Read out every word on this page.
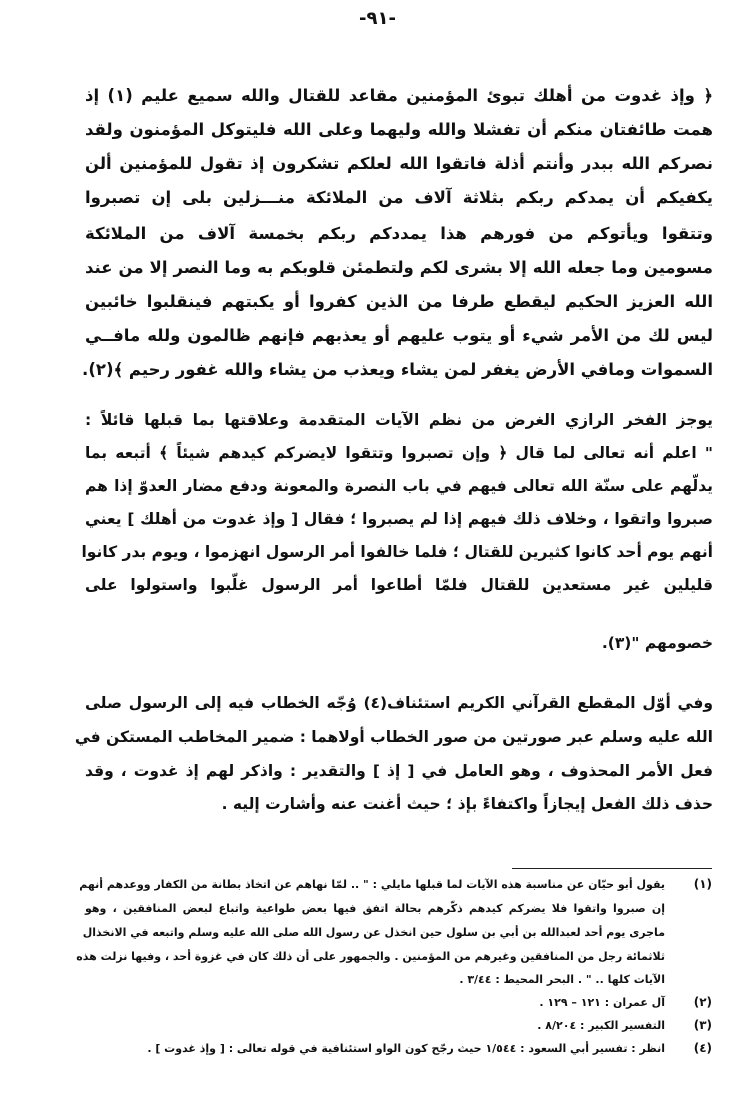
-٩١-
﴿ وإذ غدوت من أهلك تبوئ المؤمنين مقاعد للقتال والله سميع عليم (١) إذ
همت طائفتان منكم أن تفشلا والله وليهما وعلى الله فليتوكل المؤمنون ولقد
نصركم الله ببدر وأنتم أذلة فاتقوا الله لعلكم تشكرون إذ تقول للمؤمنين ألن
يكفيكم أن يمدكم ربكم بثلاثة آلاف من الملائكة منـــزلين بلى إن تصبروا
وتتقوا ويأتوكم من فورهم هذا يمددكم ربكم بخمسة آلاف من الملائكة
مسومين وما جعله الله إلا بشرى لكم ولتطمئن قلوبكم به وما النصر إلا من عند
الله العزيز الحكيم ليقطع طرفا من الذين كفروا أو يكبتهم فينقلبوا خائبين
ليس لك من الأمر شيء أو يتوب عليهم أو يعذبهم فإنهم ظالمون ولله مافــي
السموات ومافي الأرض يغفر لمن يشاء ويعذب من يشاء والله غفور رحيم ﴾(٢).
يوجز الفخر الرازي الغرض من نظم الآيات المتقدمة وعلاقتها بما قبلها قائلاً :
" اعلم أنه تعالى لما قال ﴿ وإن تصبروا وتتقوا لايضركم كيدهم شيئاً ﴾ أتبعه بما
يدلّهم على سنّة الله تعالى فيهم في باب النصرة والمعونة ودفع مضار العدوّ إذا هم
صبروا واتقوا ، وخلاف ذلك فيهم إذا لم يصبروا ؛ فقال [ وإذ غدوت من أهلك ] يعني
أنهم يوم أحد كانوا كثيرين للقتال ؛ فلما خالفوا أمر الرسول انهزموا ، ويوم بدر كانوا
قليلين غير مستعدين للقتال فلمّا أطاعوا أمر الرسول غلّبوا واستولوا على
خصومهم "(٣).
وفي أوّل المقطع القرآني الكريم استئناف(٤) وُجّه الخطاب فيه إلى الرسول صلى
الله عليه وسلم عبر صورتين من صور الخطاب أولاهما : ضمير المخاطب المستكن في
فعل الأمر المحذوف ، وهو العامل في [ إذ ] والتقدير : واذكر لهم إذ غدوت ، وقد
حذف ذلك الفعل إيجازاً واكتفاءً بإذ ؛ حيث أغنت عنه وأشارت إليه .
(١)
يقول أبو حيّان عن مناسبة هذه الآيات لما قبلها مايلي : " .. لمّا نهاهم عن اتخاذ بطانة من الكفار ووعدهم أنهم
إن صبروا واتقوا فلا يضركم كيدهم ذكّرهم بحالة اتفق فيها بعض طواعية واتباع لبعض المنافقين ، وهو
ماجرى يوم أحد لعبدالله بن أبي بن سلول حين انخذل عن رسول الله صلى الله عليه وسلم واتبعه في الانخذال
ثلاثمائة رجل من المنافقين وغيرهم من المؤمنين . والجمهور على أن ذلك كان في غزوة أحد ، وفيها نزلت هذه
الآيات كلها .. " . البحر المحيط : ٣/٤٤ .
(٢)
آل عمران : ١٢١ – ١٢٩ .
(٣)
التفسير الكبير : ٨/٢٠٤ .
(٤)
انظر : تفسير أبي السعود : ١/٥٤٤ حيث رجّح كون الواو استئنافية في قوله تعالى : [ وإذ غدوت ] .
